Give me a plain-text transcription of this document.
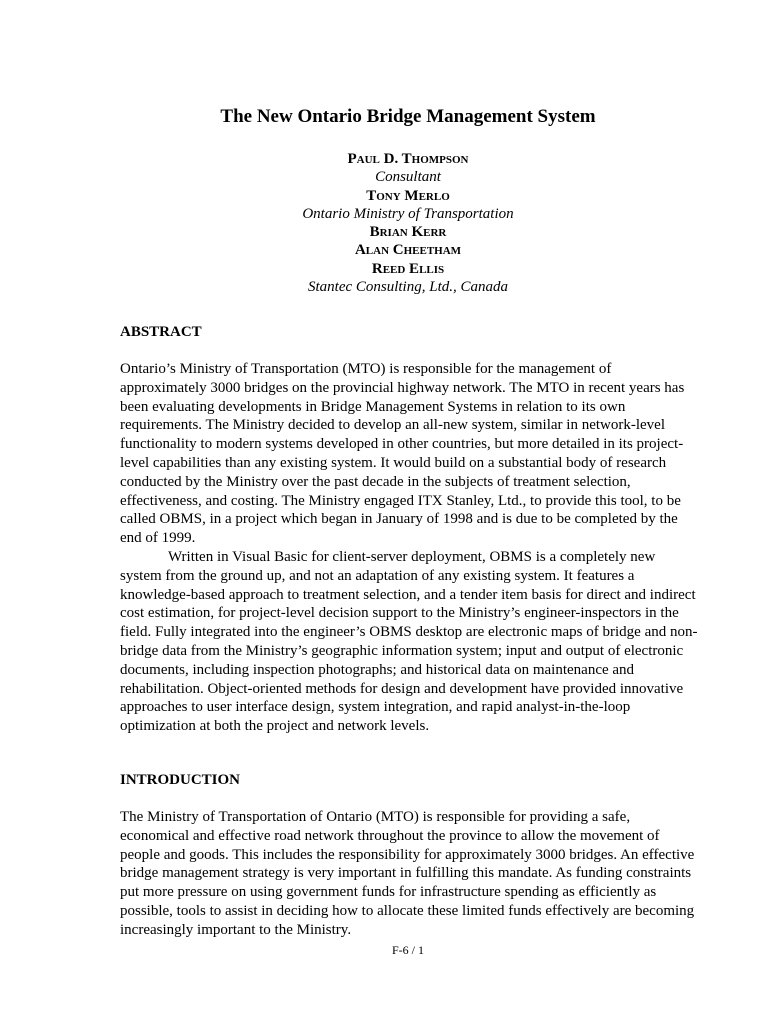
The New Ontario Bridge Management System
Paul D. Thompson
Consultant
Tony Merlo
Ontario Ministry of Transportation
Brian Kerr
Alan Cheetham
Reed Ellis
Stantec Consulting, Ltd., Canada
ABSTRACT

Ontario’s Ministry of Transportation (MTO) is responsible for the management of approximately 3000 bridges on the provincial highway network. The MTO in recent years has been evaluating developments in Bridge Management Systems in relation to its own requirements. The Ministry decided to develop an all-new system, similar in network-level functionality to modern systems developed in other countries, but more detailed in its project-level capabilities than any existing system. It would build on a substantial body of research conducted by the Ministry over the past decade in the subjects of treatment selection, effectiveness, and costing. The Ministry engaged ITX Stanley, Ltd., to provide this tool, to be called OBMS, in a project which began in January of 1998 and is due to be completed by the end of 1999.

Written in Visual Basic for client-server deployment, OBMS is a completely new system from the ground up, and not an adaptation of any existing system. It features a knowledge-based approach to treatment selection, and a tender item basis for direct and indirect cost estimation, for project-level decision support to the Ministry’s engineer-inspectors in the field. Fully integrated into the engineer’s OBMS desktop are electronic maps of bridge and non-bridge data from the Ministry’s geographic information system; input and output of electronic documents, including inspection photographs; and historical data on maintenance and rehabilitation. Object-oriented methods for design and development have provided innovative approaches to user interface design, system integration, and rapid analyst-in-the-loop optimization at both the project and network levels.

INTRODUCTION

The Ministry of Transportation of Ontario (MTO) is responsible for providing a safe, economical and effective road network throughout the province to allow the movement of people and goods. This includes the responsibility for approximately 3000 bridges. An effective bridge management strategy is very important in fulfilling this mandate. As funding constraints put more pressure on using government funds for infrastructure spending as efficiently as possible, tools to assist in deciding how to allocate these limited funds effectively are becoming increasingly important to the Ministry.

F-6 / 1
